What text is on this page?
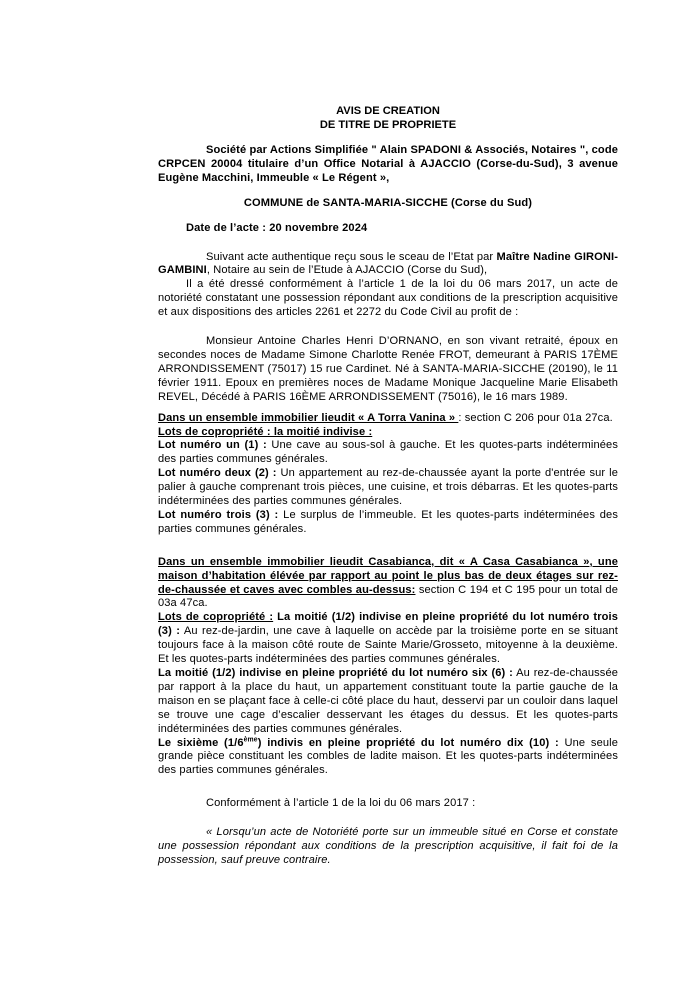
AVIS DE CREATION
DE TITRE DE PROPRIETE

Société par Actions Simplifiée " Alain SPADONI & Associés, Notaires ", code CRPCEN 20004 titulaire d’un Office Notarial à AJACCIO (Corse-du-Sud), 3 avenue Eugène Macchini, Immeuble « Le Régent »,

COMMUNE de SANTA-MARIA-SICCHE (Corse du Sud)

Date de l’acte : 20 novembre 2024

Suivant acte authentique reçu sous le sceau de l’Etat par Maître Nadine GIRONI-GAMBINI, Notaire au sein de l’Etude à AJACCIO (Corse du Sud),

Il a été dressé conformément à l’article 1 de la loi du 06 mars 2017, un acte de notoriété constatant une possession répondant aux conditions de la prescription acquisitive et aux dispositions des articles 2261 et 2272 du Code Civil au profit de :

Monsieur Antoine Charles Henri D’ORNANO, en son vivant retraité, époux en secondes noces de Madame Simone Charlotte Renée FROT, demeurant à PARIS 17ÈME ARRONDISSEMENT (75017) 15 rue Cardinet. Né à SANTA-MARIA-SICCHE (20190), le 11 février 1911. Epoux en premières noces de Madame Monique Jacqueline Marie Elisabeth REVEL, Décédé à PARIS 16ÈME ARRONDISSEMENT (75016), le 16 mars 1989.

Dans un ensemble immobilier lieudit « A Torra Vanina » : section C 206 pour 01a 27ca.

Lots de copropriété : la moitié indivise :

Lot numéro un (1) : Une cave au sous-sol à gauche. Et les quotes-parts indéterminées des parties communes générales.

Lot numéro deux (2) : Un appartement au rez-de-chaussée ayant la porte d'entrée sur le palier à gauche comprenant trois pièces, une cuisine, et trois débarras. Et les quotes-parts indéterminées des parties communes générales.

Lot numéro trois (3) : Le surplus de l’immeuble. Et les quotes-parts indéterminées des parties communes générales.

Dans un ensemble immobilier lieudit Casabianca, dit « A Casa Casabianca », une maison d’habitation élévée par rapport au point le plus bas de deux étages sur rez-de-chaussée et caves avec combles au-dessus: section C 194 et C 195 pour un total de 03a 47ca.

Lots de copropriété : La moitié (1/2) indivise en pleine propriété du lot numéro trois (3) : Au rez-de-jardin, une cave à laquelle on accède par la troisième porte en se situant toujours face à la maison côté route de Sainte Marie/Grosseto, mitoyenne à la deuxième. Et les quotes-parts indéterminées des parties communes générales.

La moitié (1/2) indivise en pleine propriété du lot numéro six (6) : Au rez-de-chaussée par rapport à la place du haut, un appartement constituant toute la partie gauche de la maison en se plaçant face à celle-ci côté place du haut, desservi par un couloir dans laquel se trouve une cage d’escalier desservant les étages du dessus. Et les quotes-parts indéterminées des parties communes générales.

Le sixième (1/6ème) indivis en pleine propriété du lot numéro dix (10) : Une seule grande pièce constituant les combles de ladite maison. Et les quotes-parts indéterminées des parties communes générales.

Conformément à l’article 1 de la loi du 06 mars 2017 :

« Lorsqu’un acte de Notoriété porte sur un immeuble situé en Corse et constate une possession répondant aux conditions de la prescription acquisitive, il fait foi de la possession, sauf preuve contraire.
